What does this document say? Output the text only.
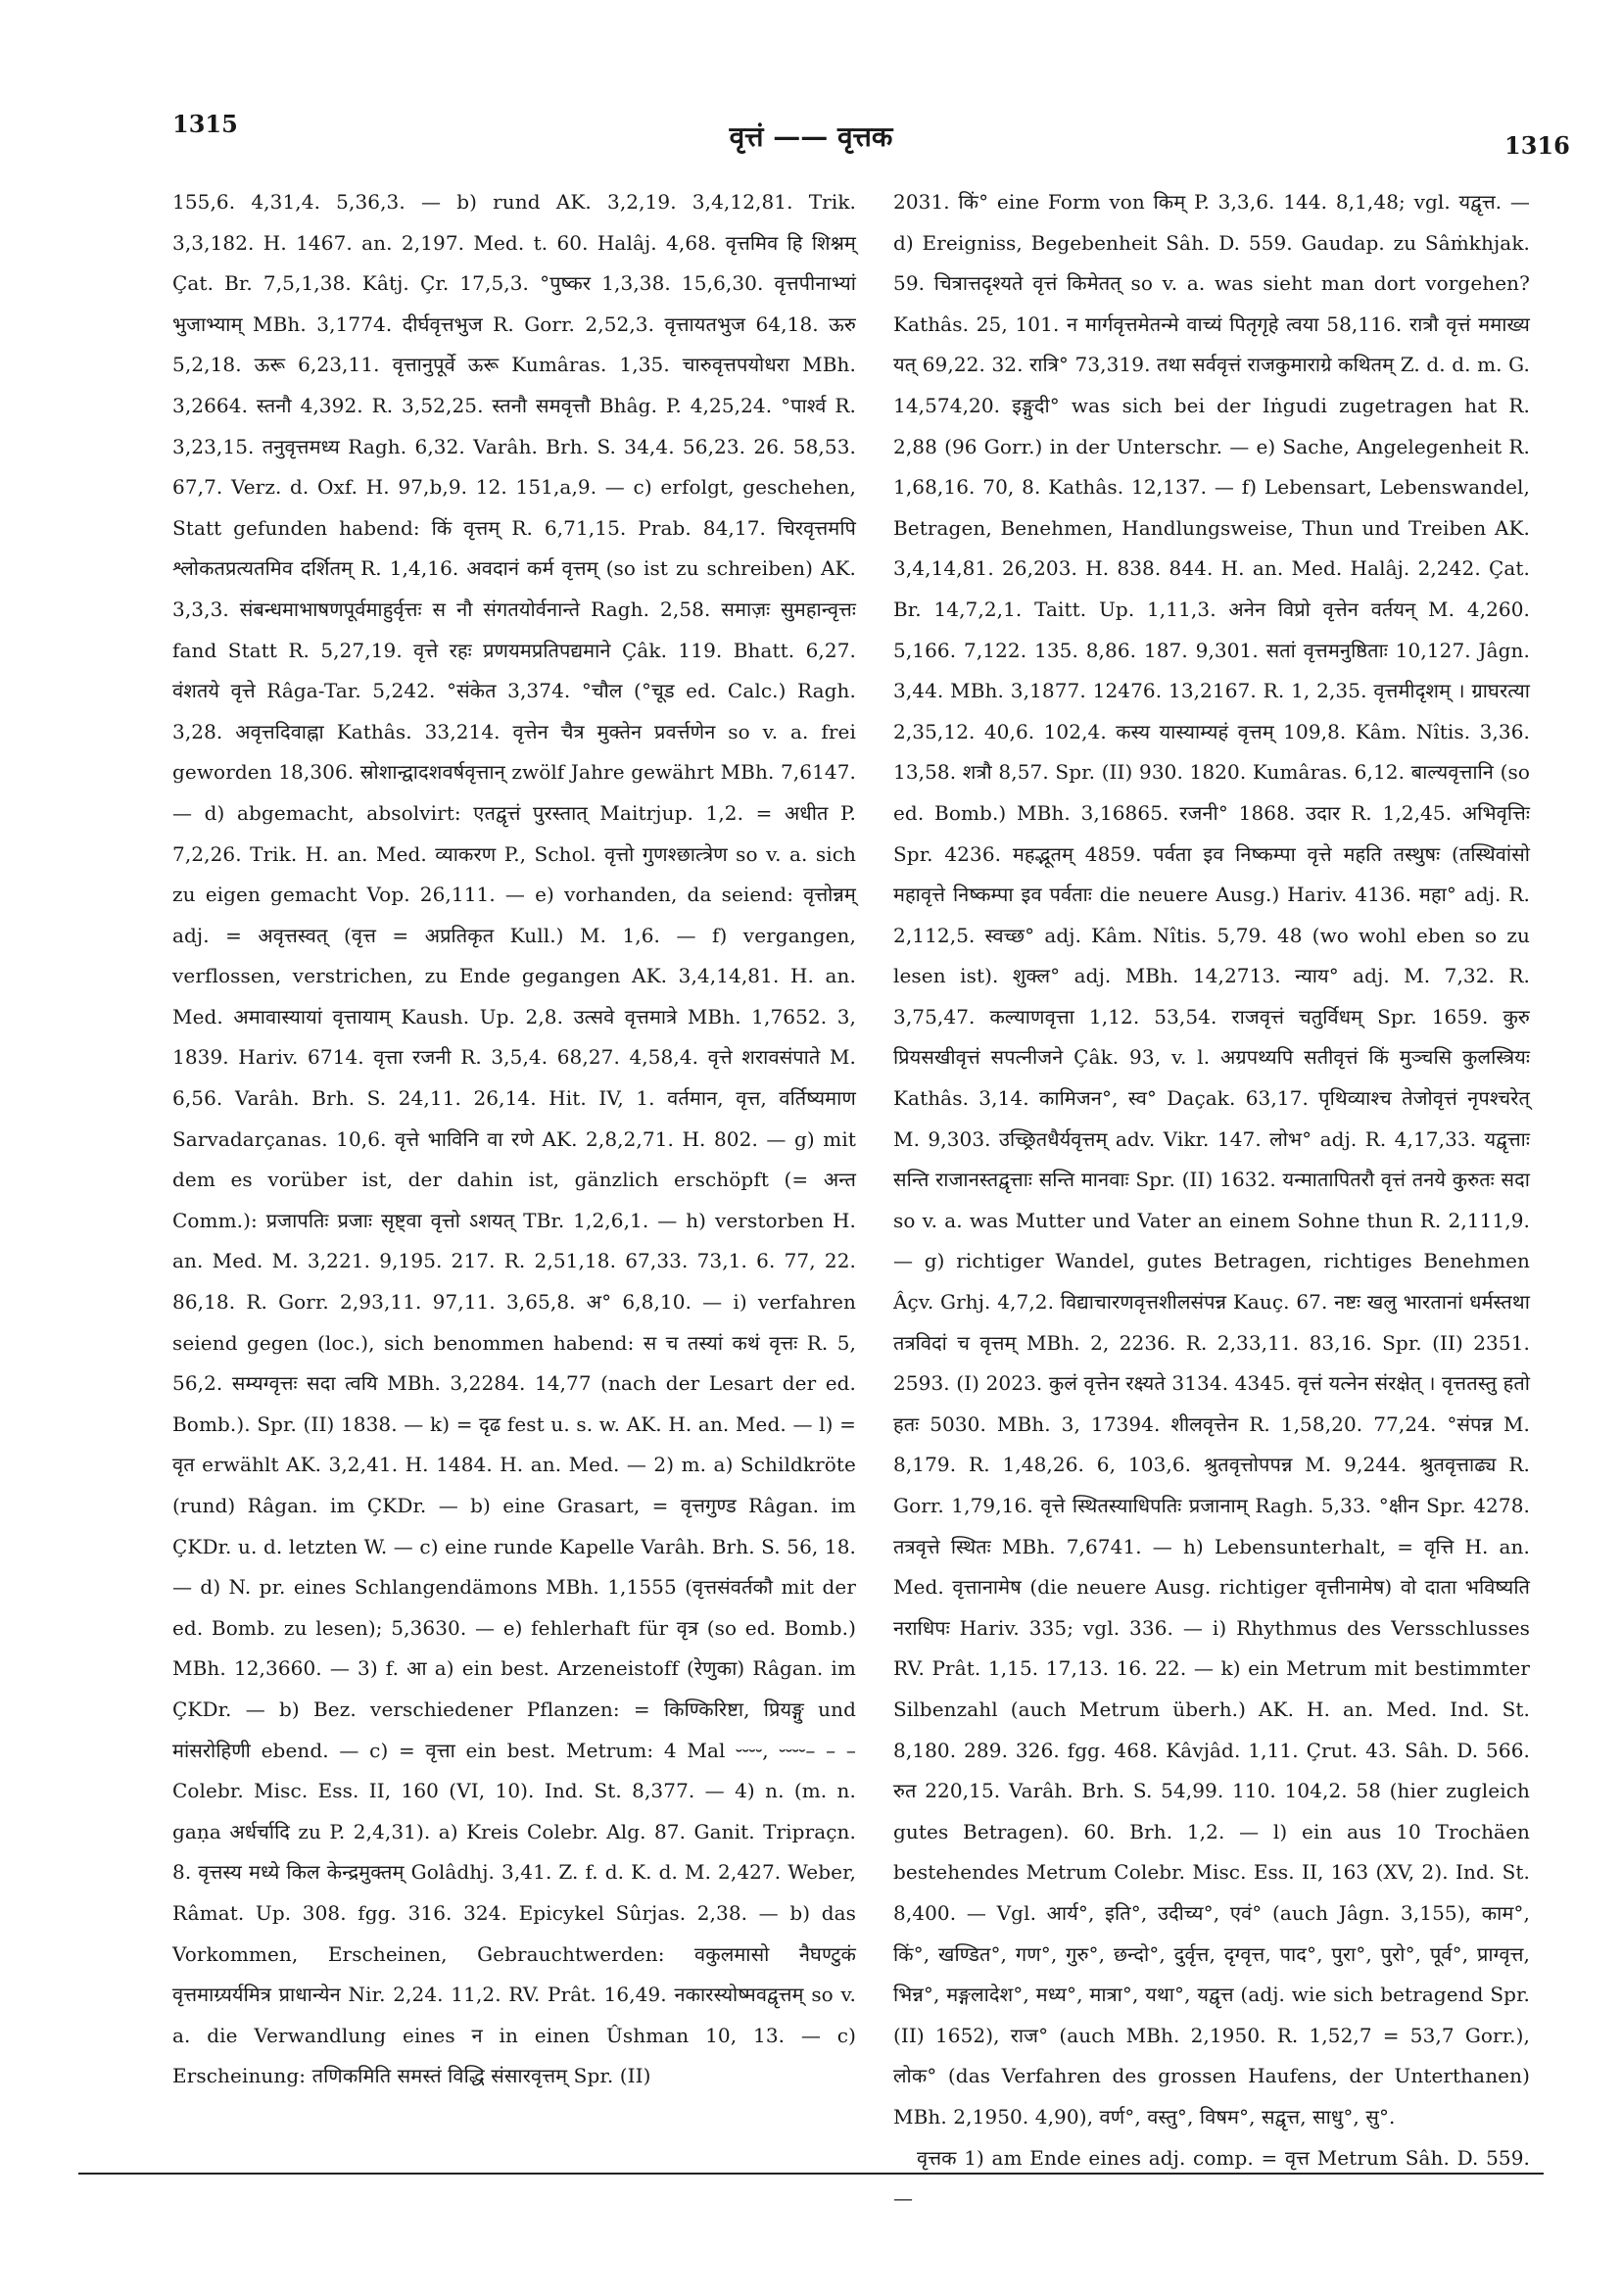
1315	वृत्तं —— वृत्तक	1316

155,6. 4,31,4. 5,36,3. — b) rund AK. 3,2,19. 3,4,12,81. Trik. 3,3,182. H. 1467. an. 2,197. Med. t. 60. Halâj. 4,68. वृत्तमिव हि शिश्नम् Çat. Br. 7,5,1,38. Kâtj. Çr. 17,5,3. °पुष्कर 1,3,38. 15,6,30. वृत्तपीनाभ्यां भुजाभ्याम् MBh. 3,1774. दीर्घवृत्तभुज R. Gorr. 2,52,3. वृत्तायतभुज 64,18. ऊरु 5,2,18. ऊरू 6,23,11. वृत्तानुपूर्वे ऊरू Kumâras. 1,35. चारुवृत्तपयोधरा MBh. 3,2664. स्तनौ 4,392. R. 3,52,25. स्तनौ समवृत्तौ Bhâg. P. 4,25,24. °पार्श्व R. 3,23,15. तनुवृत्तमध्य Ragh. 6,32. Varâh. Brh. S. 34,4. 56,23. 26. 58,53. 67,7. Verz. d. Oxf. H. 97,b,9. 12. 151,a,9. — c) erfolgt, geschehen, Statt gefunden habend: किं वृत्तम् R. 6,71,15. Prab. 84,17. चिरवृत्तमपि श्लोकतप्रत्यतमिव दर्शितम् R. 1,4,16. अवदानं कर्म वृत्तम् (so ist zu schreiben) AK. 3,3,3. संबन्धमाभाषणपूर्वमाहुर्वृत्तः स नौ संगतयोर्वनान्ते Ragh. 2,58. समाज़ः सुमहान्वृत्तः fand Statt R. 5,27,19. वृत्ते रहः प्रणयमप्रतिपद्यमाने Çâk. 119. Bhatt. 6,27. वंशतये वृत्ते Râga-Tar. 5,242. °संकेत 3,374. °चौल (°चूड ed. Calc.) Ragh. 3,28. अवृत्तदिवाह्ना Kathâs. 33,214. वृत्तेन चैत्र मुक्तेन प्रवर्त्तणेन so v. a. frei geworden 18,306. स्रोशान्द्वादशवर्षवृत्तान् zwölf Jahre gewährt MBh. 7,6147. — d) abgemacht, absolvirt: एतद्वृत्तं पुरस्तात् Maitrjup. 1,2. = अधीत P. 7,2,26. Trik. H. an. Med. व्याकरण P., Schol. वृत्तो गुणश्छात्त्रेण so v. a. sich zu eigen gemacht Vop. 26,111. — e) vorhanden, da seiend: वृत्तोन्नम् adj. = अवृत्तस्वत् (वृत्त = अप्रतिकृत Kull.) M. 1,6. — f) vergangen, verflossen, verstrichen, zu Ende gegangen AK. 3,4,14,81. H. an. Med. अमावास्यायां वृत्तायाम् Kaush. Up. 2,8. उत्सवे वृत्तमात्रे MBh. 1,7652. 3, 1839. Hariv. 6714. वृत्ता रजनी R. 3,5,4. 68,27. 4,58,4. वृत्ते शरावसंपाते M. 6,56. Varâh. Brh. S. 24,11. 26,14. Hit. IV, 1. वर्तमान, वृत्त, वर्तिष्यमाण Sarvadarçanas. 10,6. वृत्ते भाविनि वा रणे AK. 2,8,2,71. H. 802. — g) mit dem es vorüber ist, der dahin ist, gänzlich erschöpft (= अन्त Comm.): प्रजापतिः प्रजाः सृष्ट्वा वृत्तो ऽशयत् TBr. 1,2,6,1. — h) verstorben H. an. Med. M. 3,221. 9,195. 217. R. 2,51,18. 67,33. 73,1. 6. 77, 22. 86,18. R. Gorr. 2,93,11. 97,11. 3,65,8. अ° 6,8,10. — i) verfahren seiend gegen (loc.), sich benommen habend: स च तस्यां कथं वृत्तः R. 5, 56,2. सम्यग्वृत्तः सदा त्वयि MBh. 3,2284. 14,77 (nach der Lesart der ed. Bomb.). Spr. (II) 1838. — k) = दृढ fest u. s. w. AK. H. an. Med. — l) = वृत erwählt AK. 3,2,41. H. 1484. H. an. Med. — 2) m. a) Schildkröte (rund) Râgan. im ÇKDr. — b) eine Grasart, = वृत्तगुण्ड Râgan. im ÇKDr. u. d. letzten W. — c) eine runde Kapelle Varâh. Brh. S. 56, 18. — d) N. pr. eines Schlangendämons MBh. 1,1555 (वृत्तसंवर्तकौ mit der ed. Bomb. zu lesen); 5,3630. — e) fehlerhaft für वृत्र (so ed. Bomb.) MBh. 12,3660. — 3) f. आ a) ein best. Arzeneistoff (रेणुका) Râgan. im ÇKDr. — b) Bez. verschiedener Pflanzen: = किण्किरिष्टा, प्रियङ्गु und मांसरोहिणी ebend. — c) = वृत्ता ein best. Metrum: 4 Mal ⏑⏑⏑⏑, ⏑⏑⏑⏑– – – Colebr. Misc. Ess. II, 160 (VI, 10). Ind. St. 8,377. — 4) n. (m. n. gaṇa अर्धर्चादि zu P. 2,4,31). a) Kreis Colebr. Alg. 87. Ganit. Tripraçn. 8. वृत्तस्य मध्ये किल केन्द्रमुक्तम् Golâdhj. 3,41. Z. f. d. K. d. M. 2,427. Weber, Râmat. Up. 308. fgg. 316. 324. Epicykel Sûrjas. 2,38. — b) das Vorkommen, Erscheinen, Gebrauchtwerden: वकुलमासो नैघण्टुकं वृत्तमाग्र्यर्यमित्र प्राधान्येन Nir. 2,24. 11,2. RV. Prât. 16,49. नकारस्योष्मवद्वृत्तम् so v. a. die Verwandlung eines न in einen Ûshman 10, 13. — c) Erscheinung: तणिकमिति समस्तं विद्धि संसारवृत्तम् Spr. (II)

2031. किं° eine Form von किम् P. 3,3,6. 144. 8,1,48; vgl. यद्वृत्त. — d) Ereigniss, Begebenheit Sâh. D. 559. Gaudap. zu Sâṁkhjak. 59. चित्रात्तदृश्यते वृत्तं किमेतत् so v. a. was sieht man dort vorgehen? Kathâs. 25, 101. न मार्गवृत्तमेतन्मे वाच्यं पितृगृहे त्वया 58,116. रात्रौ वृत्तं ममाख्य यत् 69,22. 32. रात्रि° 73,319. तथा सर्ववृत्तं राजकुमाराग्रे कथितम् Z. d. d. m. G. 14,574,20. इङ्गुदी° was sich bei der Iṅgudi zugetragen hat R. 2,88 (96 Gorr.) in der Unterschr. — e) Sache, Angelegenheit R. 1,68,16. 70, 8. Kathâs. 12,137. — f) Lebensart, Lebenswandel, Betragen, Benehmen, Handlungsweise, Thun und Treiben AK. 3,4,14,81. 26,203. H. 838. 844. H. an. Med. Halâj. 2,242. Çat. Br. 14,7,2,1. Taitt. Up. 1,11,3. अनेन विप्रो वृत्तेन वर्तयन् M. 4,260. 5,166. 7,122. 135. 8,86. 187. 9,301. सतां वृत्तमनुष्ठिताः 10,127. Jâgn. 3,44. MBh. 3,1877. 12476. 13,2167. R. 1, 2,35. वृत्तमीदृशम् । ग्राघरत्या 2,35,12. 40,6. 102,4. कस्य यास्याम्यहं वृत्तम् 109,8. Kâm. Nîtis. 3,36. 13,58. शत्रौ 8,57. Spr. (II) 930. 1820. Kumâras. 6,12. बाल्यवृत्तानि (so ed. Bomb.) MBh. 3,16865. रजनी° 1868. उदार R. 1,2,45. अभिवृत्तिः Spr. 4236. महद्भूतम् 4859. पर्वता इव निष्कम्पा वृत्ते महति तस्थुषः (तस्थिवांसो महावृत्ते निष्कम्पा इव पर्वताः die neuere Ausg.) Hariv. 4136. महा° adj. R. 2,112,5. स्वच्छ° adj. Kâm. Nîtis. 5,79. 48 (wo wohl eben so zu lesen ist). शुक्ल° adj. MBh. 14,2713. न्याय° adj. M. 7,32. R. 3,75,47. कल्याणवृत्ता 1,12. 53,54. राजवृत्तं चतुर्विधम् Spr. 1659. कुरु प्रियसखीवृत्तं सपत्नीजने Çâk. 93, v. l. अग्रपथ्यपि सतीवृत्तं किं मुञ्चसि कुलस्त्रियः Kathâs. 3,14. कामिजन°, स्व° Daçak. 63,17. पृथिव्याश्च तेजोवृत्तं नृपश्चरेत् M. 9,303. उच्छ्रितधैर्यवृत्तम् adv. Vikr. 147. लोभ° adj. R. 4,17,33. यद्वृत्ताः सन्ति राजानस्तद्वृत्ताः सन्ति मानवाः Spr. (II) 1632. यन्मातापितरौ वृत्तं तनये कुरुतः सदा so v. a. was Mutter und Vater an einem Sohne thun R. 2,111,9. — g) richtiger Wandel, gutes Betragen, richtiges Benehmen Âçv. Grhj. 4,7,2. विद्याचारणवृत्तशीलसंपन्न Kauç. 67. नष्टः खलु भारतानां धर्मस्तथा तत्रविदां च वृत्तम् MBh. 2, 2236. R. 2,33,11. 83,16. Spr. (II) 2351. 2593. (I) 2023. कुलं वृत्तेन रक्ष्यते 3134. 4345. वृत्तं यत्नेन संरक्षेत् । वृत्ततस्तु हतो हतः 5030. MBh. 3, 17394. शीलवृत्तेन R. 1,58,20. 77,24. °संपन्न M. 8,179. R. 1,48,26. 6, 103,6. श्रुतवृत्तोपपन्न M. 9,244. श्रुतवृत्ताढ्य R. Gorr. 1,79,16. वृत्ते स्थितस्याधिपतिः प्रजानाम् Ragh. 5,33. °क्षीन Spr. 4278. तत्रवृत्ते स्थितः MBh. 7,6741. — h) Lebensunterhalt, = वृत्ति H. an. Med. वृत्तानामेष (die neuere Ausg. richtiger वृत्तीनामेष) वो दाता भविष्यति नराधिपः Hariv. 335; vgl. 336. — i) Rhythmus des Versschlusses RV. Prât. 1,15. 17,13. 16. 22. — k) ein Metrum mit bestimmter Silbenzahl (auch Metrum überh.) AK. H. an. Med. Ind. St. 8,180. 289. 326. fgg. 468. Kâvjâd. 1,11. Çrut. 43. Sâh. D. 566. रुत 220,15. Varâh. Brh. S. 54,99. 110. 104,2. 58 (hier zugleich gutes Betragen). 60. Brh. 1,2. — l) ein aus 10 Trochäen bestehendes Metrum Colebr. Misc. Ess. II, 163 (XV, 2). Ind. St. 8,400. — Vgl. आर्य°, इति°, उदीच्य°, एवं° (auch Jâgn. 3,155), काम°, किं°, खण्डित°, गण°, गुरु°, छन्दो°, दुर्वृत्त, दृग्वृत्त, पाद°, पुरा°, पुरो°, पूर्व°, प्राग्वृत्त, भिन्न°, मङ्गलादेश°, मध्य°, मात्रा°, यथा°, यद्वृत्त (adj. wie sich betragend Spr. (II) 1652), राज° (auch MBh. 2,1950. R. 1,52,7 = 53,7 Gorr.), लोक° (das Verfahren des grossen Haufens, der Unterthanen) MBh. 2,1950. 4,90), वर्ण°, वस्तु°, विषम°, सद्वृत्त, साधु°, सु°.

वृत्तक 1) am Ende eines adj. comp. = वृत्त Metrum Sâh. D. 559. —
